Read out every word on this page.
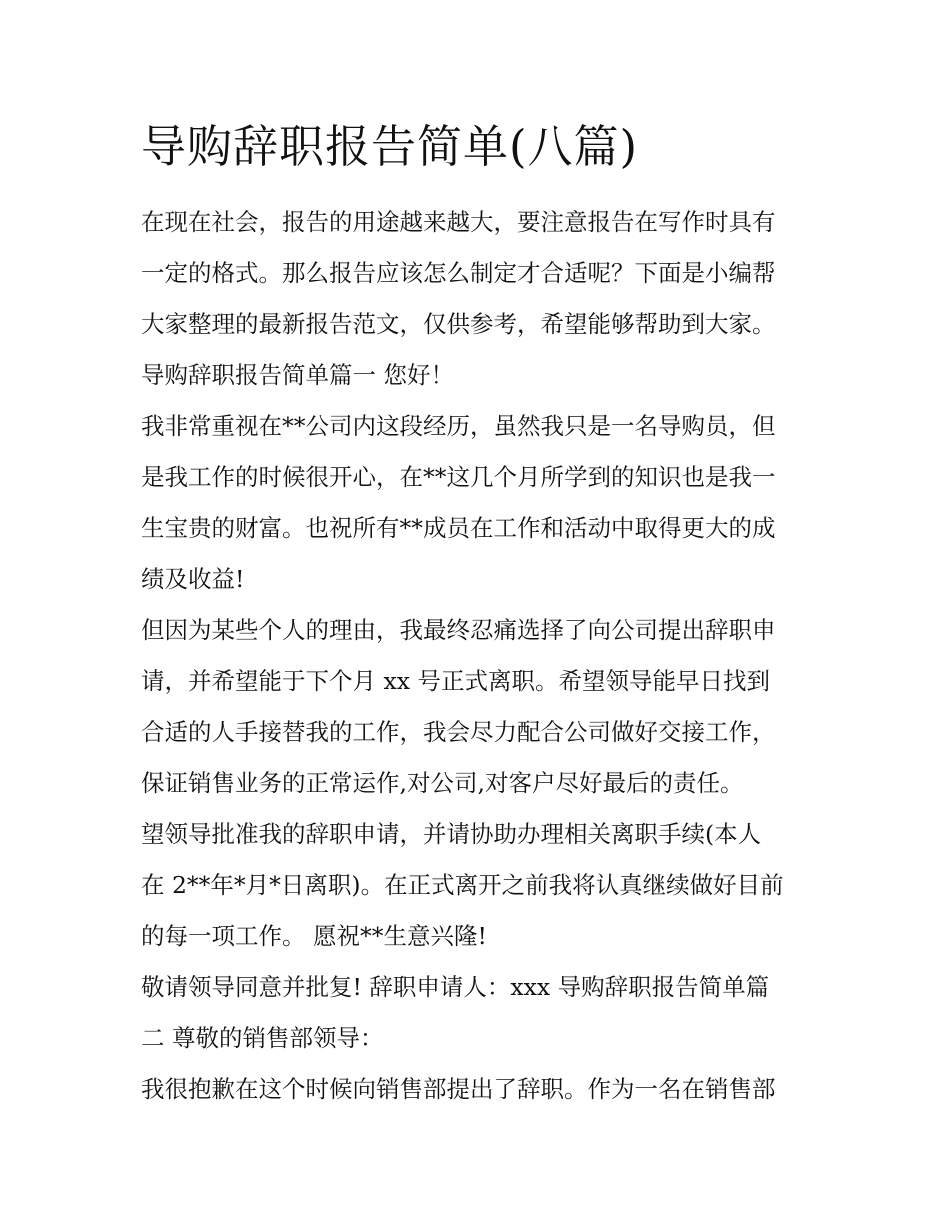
导购辞职报告简单(八篇)

在现在社会，报告的用途越来越大，要注意报告在写作时具有

一定的格式。那么报告应该怎么制定才合适呢？下面是小编帮

大家整理的最新报告范文，仅供参考，希望能够帮助到大家。

导购辞职报告简单篇一 您好！

我非常重视在**公司内这段经历，虽然我只是一名导购员，但

是我工作的时候很开心，在**这几个月所学到的知识也是我一

生宝贵的财富。也祝所有**成员在工作和活动中取得更大的成

绩及收益!

但因为某些个人的理由，我最终忍痛选择了向公司提出辞职申

请，并希望能于下个月 xx 号正式离职。希望领导能早日找到

合适的人手接替我的工作，我会尽力配合公司做好交接工作，

保证销售业务的正常运作,对公司,对客户尽好最后的责任。

望领导批准我的辞职申请，并请协助办理相关离职手续(本人

在 2**年*月*日离职)。在正式离开之前我将认真继续做好目前

的每一项工作。 愿祝**生意兴隆!

敬请领导同意并批复! 辞职申请人：xxx 导购辞职报告简单篇

二 尊敬的销售部领导：

我很抱歉在这个时候向销售部提出了辞职。作为一名在销售部
